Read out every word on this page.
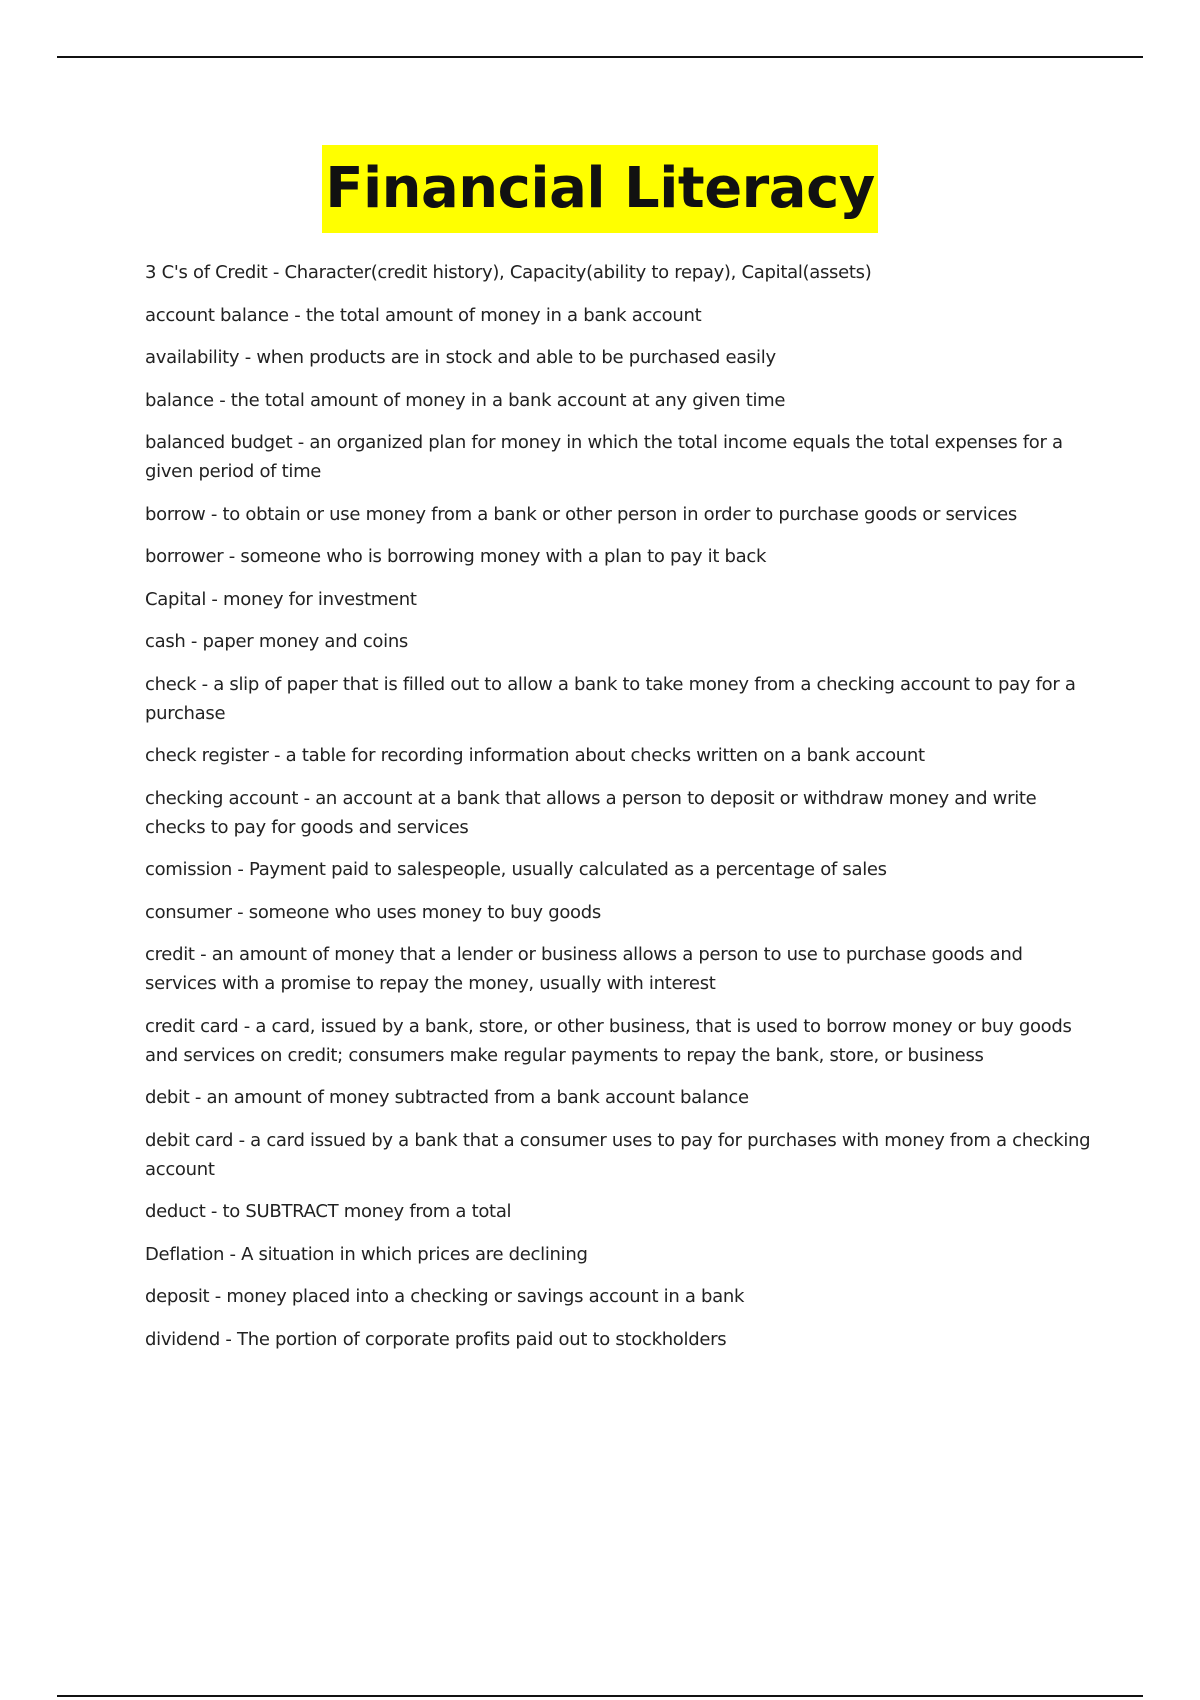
Financial Literacy
3 C's of Credit - Character(credit history), Capacity(ability to repay), Capital(assets)
account balance - the total amount of money in a bank account
availability - when products are in stock and able to be purchased easily
balance - the total amount of money in a bank account at any given time
balanced budget - an organized plan for money in which the total income equals the total expenses for a given period of time
borrow - to obtain or use money from a bank or other person in order to purchase goods or services
borrower - someone who is borrowing money with a plan to pay it back
Capital - money for investment
cash - paper money and coins
check - a slip of paper that is filled out to allow a bank to take money from a checking account to pay for a purchase
check register - a table for recording information about checks written on a bank account
checking account - an account at a bank that allows a person to deposit or withdraw money and write checks to pay for goods and services
comission - Payment paid to salespeople, usually calculated as a percentage of sales
consumer - someone who uses money to buy goods
credit - an amount of money that a lender or business allows a person to use to purchase goods and services with a promise to repay the money, usually with interest
credit card - a card, issued by a bank, store, or other business, that is used to borrow money or buy goods and services on credit; consumers make regular payments to repay the bank, store, or business
debit - an amount of money subtracted from a bank account balance
debit card - a card issued by a bank that a consumer uses to pay for purchases with money from a checking account
deduct - to SUBTRACT money from a total
Deflation - A situation in which prices are declining
deposit - money placed into a checking or savings account in a bank
dividend - The portion of corporate profits paid out to stockholders
